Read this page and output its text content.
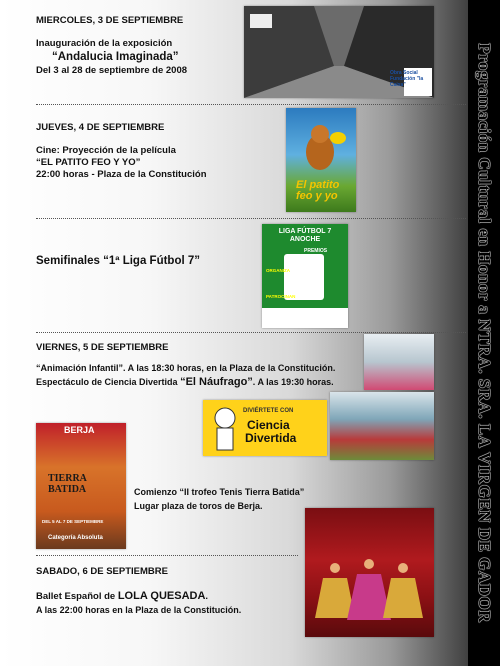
Programación Cultural en Honor a NTRA. SRA. LA VIRGEN DE GADOR
MIERCOLES, 3 DE SEPTIEMBRE
Inauguración de la exposición
“Andalucia Imaginada”
Del 3 al 28 de septiembre de 2008	Obra Social Fundación "la Caixa"
JUEVES, 4 DE SEPTIEMBRE
Cine: Proyección de la película
“EL PATITO FEO Y YO”
22:00 horas - Plaza de la Constitución
El patito feo y yo
Semifinales “1ª Liga Fútbol 7”
LIGA FÚTBOL 7 ANOCHE
PREMIOS
ORGANIZA
PATROCINAN
VIERNES, 5 DE SEPTIEMBRE
“Animación Infantil”. A las 18:30 horas, en la Plaza de la Constitución.
Espectáculo de Ciencia Divertida “El Náufrago”. A las 19:30 horas.
DIVIÉRTETE CON
Ciencia
Divertida
BERJA
TIERRA BATIDA
DEL 5 AL 7 DE SEPTIEMBRE
Categoría Absoluta
Comienzo “II trofeo Tenis Tierra Batida”
Lugar plaza de toros de Berja.
SABADO, 6 DE SEPTIEMBRE
Ballet Español de LOLA QUESADA.
A las 22:00 horas en la Plaza de la Constitución.
